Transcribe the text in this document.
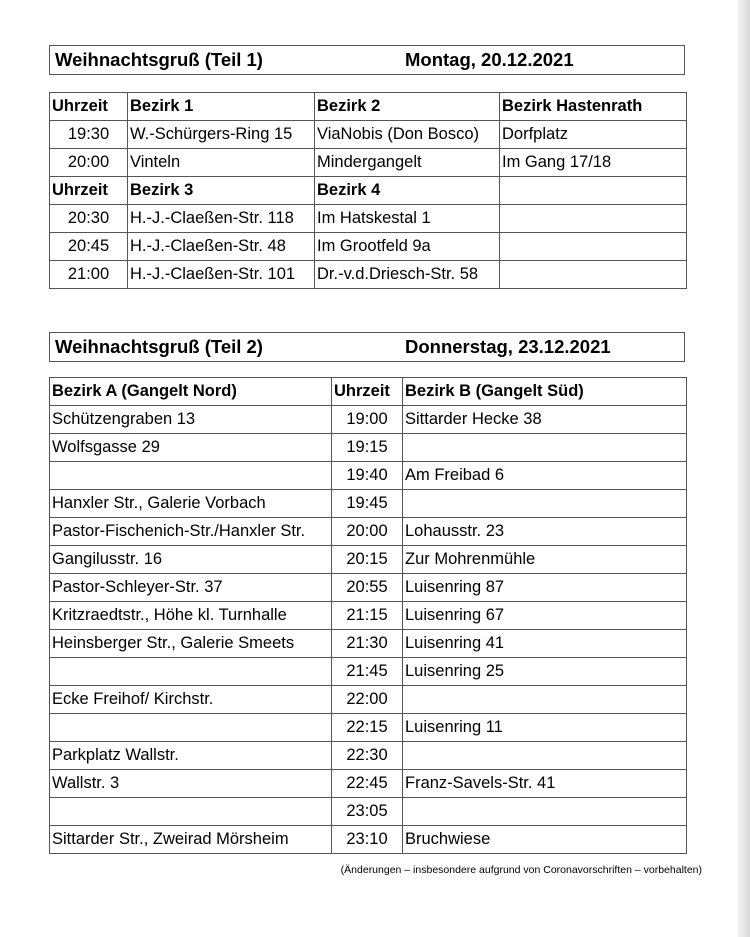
Weihnachtsgruß (Teil 1)	Montag, 20.12.2021
Uhrzeit	Bezirk 1	Bezirk 2	Bezirk Hastenrath
19:30	W.-Schürgers-Ring 15	ViaNobis (Don Bosco)	Dorfplatz
20:00	Vinteln	Mindergangelt	Im Gang 17/18
Uhrzeit	Bezirk 3	Bezirk 4	
20:30	H.-J.-Claeßen-Str. 118	Im Hatskestal 1	
20:45	H.-J.-Claeßen-Str. 48	Im Grootfeld 9a	
21:00	H.-J.-Claeßen-Str. 101	Dr.-v.d.Driesch-Str. 58	
Weihnachtsgruß (Teil 2)	Donnerstag, 23.12.2021
Bezirk A (Gangelt Nord)	Uhrzeit	Bezirk B (Gangelt Süd)
Schützengraben 13	19:00	Sittarder Hecke 38
Wolfsgasse 29	19:15	
	19:40	Am Freibad 6
Hanxler Str., Galerie Vorbach	19:45	
Pastor-Fischenich-Str./Hanxler Str.	20:00	Lohausstr. 23
Gangilusstr. 16	20:15	Zur Mohrenmühle
Pastor-Schleyer-Str. 37	20:55	Luisenring 87
Kritzraedtstr., Höhe kl. Turnhalle	21:15	Luisenring 67
Heinsberger Str., Galerie Smeets	21:30	Luisenring 41
	21:45	Luisenring 25
Ecke Freihof/ Kirchstr.	22:00	
	22:15	Luisenring 11
Parkplatz Wallstr.	22:30	
Wallstr. 3	22:45	Franz-Savels-Str. 41
	23:05	
Sittarder Str., Zweirad Mörsheim	23:10	Bruchwiese
(Änderungen – insbesondere aufgrund von Coronavorschriften – vorbehalten)
